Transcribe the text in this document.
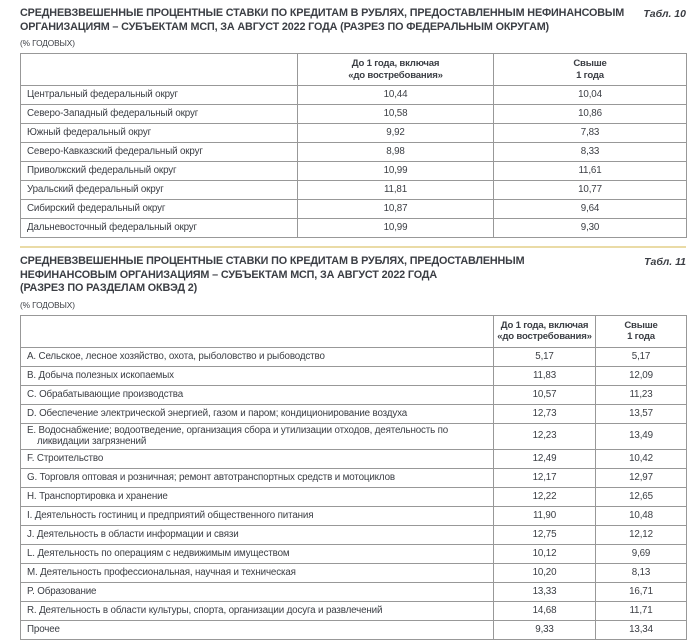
СРЕДНЕВЗВЕШЕННЫЕ ПРОЦЕНТНЫЕ СТАВКИ ПО КРЕДИТАМ В РУБЛЯХ, ПРЕДОСТАВЛЕННЫМ НЕФИНАНСОВЫМ
ОРГАНИЗАЦИЯМ – СУБЪЕКТАМ МСП, ЗА АВГУСТ 2022 ГОДА (РАЗРЕЗ ПО ФЕДЕРАЛЬНЫМ ОКРУГАМ)
Табл. 10
(% ГОДОВЫХ)

До 1 года, включая
«до востребования»

Свыше
1 года

Центральный федеральный округ	10,44	10,04
Северо-Западный федеральный округ	10,58	10,86
Южный федеральный округ	9,92	7,83
Северо-Кавказский федеральный округ	8,98	8,33
Приволжский федеральный округ	10,99	11,61
Уральский федеральный округ	11,81	10,77
Сибирский федеральный округ	10,87	9,64
Дальневосточный федеральный округ	10,99	9,30
СРЕДНЕВЗВЕШЕННЫЕ ПРОЦЕНТНЫЕ СТАВКИ ПО КРЕДИТАМ В РУБЛЯХ, ПРЕДОСТАВЛЕННЫМ
НЕФИНАНСОВЫМ ОРГАНИЗАЦИЯМ – СУБЪЕКТАМ МСП, ЗА АВГУСТ 2022 ГОДА
(РАЗРЕЗ ПО РАЗДЕЛАМ ОКВЭД 2)
Табл. 11
(% ГОДОВЫХ)

До 1 года, включая
«до востребования»

Свыше
1 года

A. Сельское, лесное хозяйство, охота, рыболовство и рыбоводство	5,17	5,17
B. Добыча полезных ископаемых	11,83	12,09
C. Обрабатывающие производства	10,57	11,23
D. Обеспечение электрической энергией, газом и паром; кондиционирование воздуха	12,73	13,57
E. Водоснабжение; водоотведение, организация сбора и утилизации отходов, деятельность по ликвидации загрязнений	12,23	13,49
F. Строительство	12,49	10,42
G. Торговля оптовая и розничная; ремонт автотранспортных средств и мотоциклов	12,17	12,97
H. Транспортировка и хранение	12,22	12,65
I. Деятельность гостиниц и предприятий общественного питания	11,90	10,48
J. Деятельность в области информации и связи	12,75	12,12
L. Деятельность по операциям с недвижимым имуществом	10,12	9,69
M. Деятельность профессиональная, научная и техническая	10,20	8,13
P. Образование	13,33	16,71
R. Деятельность в области культуры, спорта, организации досуга и развлечений	14,68	11,71
Прочее	9,33	13,34
